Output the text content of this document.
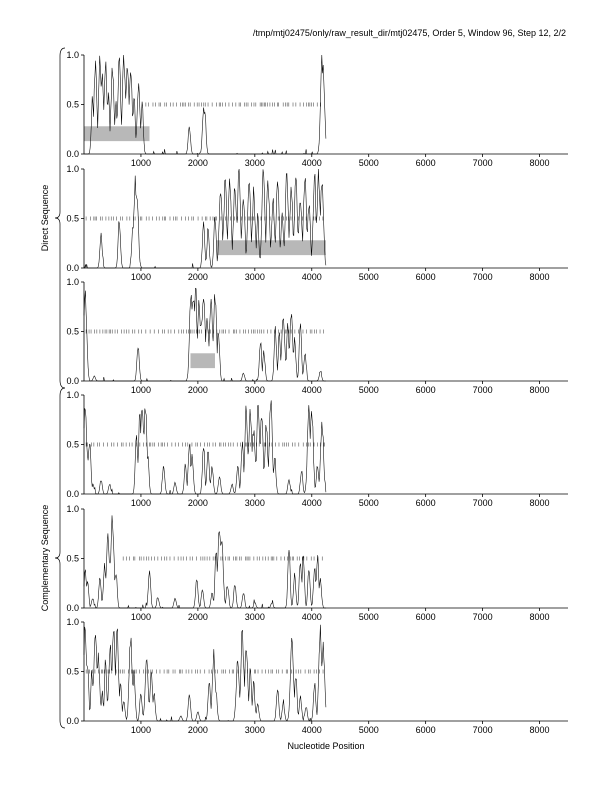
/tmp/mtj02475/only/raw_result_dir/mtj02475, Order 5, Window 96, Step 12, 2/2
Direct Sequence
Complementary Sequence
0.0
0.5
1.0
1000	2000	3000	4000	5000	6000	7000	8000
0.0
0.5
1.0
1000	2000	3000	4000	5000	6000	7000	8000
0.0
0.5
1.0
1000	2000	3000	4000	5000	6000	7000	8000
0.0
0.5
1.0
1000	2000	3000	4000	5000	6000	7000	8000
0.0
0.5
1.0
1000	2000	3000	4000	5000	6000	7000	8000
0.0
0.5
1.0
1000	2000	3000	4000	5000	6000	7000	8000
Nucleotide Position
